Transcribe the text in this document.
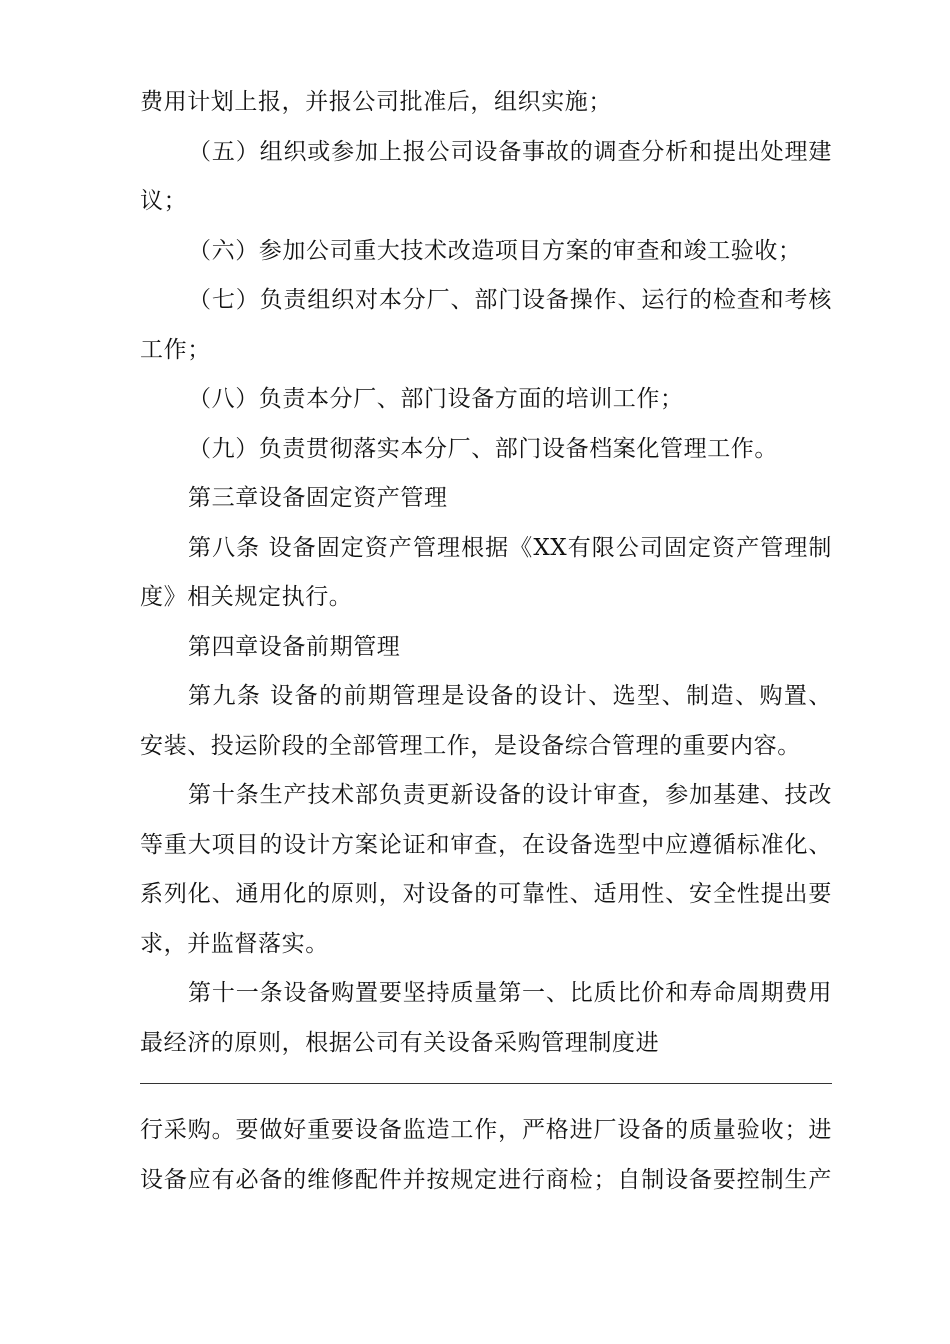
费用计划上报，并报公司批准后，组织实施；
（五）组织或参加上报公司设备事故的调查分析和提出处理建
议；
（六）参加公司重大技术改造项目方案的审查和竣工验收；
（七）负责组织对本分厂、部门设备操作、运行的检查和考核
工作；
（八）负责本分厂、部门设备方面的培训工作；
（九）负责贯彻落实本分厂、部门设备档案化管理工作。
第三章设备固定资产管理
第八条 设备固定资产管理根据《XX有限公司固定资产管理制
度》相关规定执行。
第四章设备前期管理
第九条 设备的前期管理是设备的设计、选型、制造、购置、
安装、投运阶段的全部管理工作，是设备综合管理的重要内容。
第十条生产技术部负责更新设备的设计审查，参加基建、技改
等重大项目的设计方案论证和审查，在设备选型中应遵循标准化、
系列化、通用化的原则，对设备的可靠性、适用性、安全性提出要
求，并监督落实。
第十一条设备购置要坚持质量第一、比质比价和寿命周期费用
最经济的原则，根据公司有关设备采购管理制度进
行采购。要做好重要设备监造工作，严格进厂设备的质量验收；进
设备应有必备的维修配件并按规定进行商检；自制设备要控制生产
